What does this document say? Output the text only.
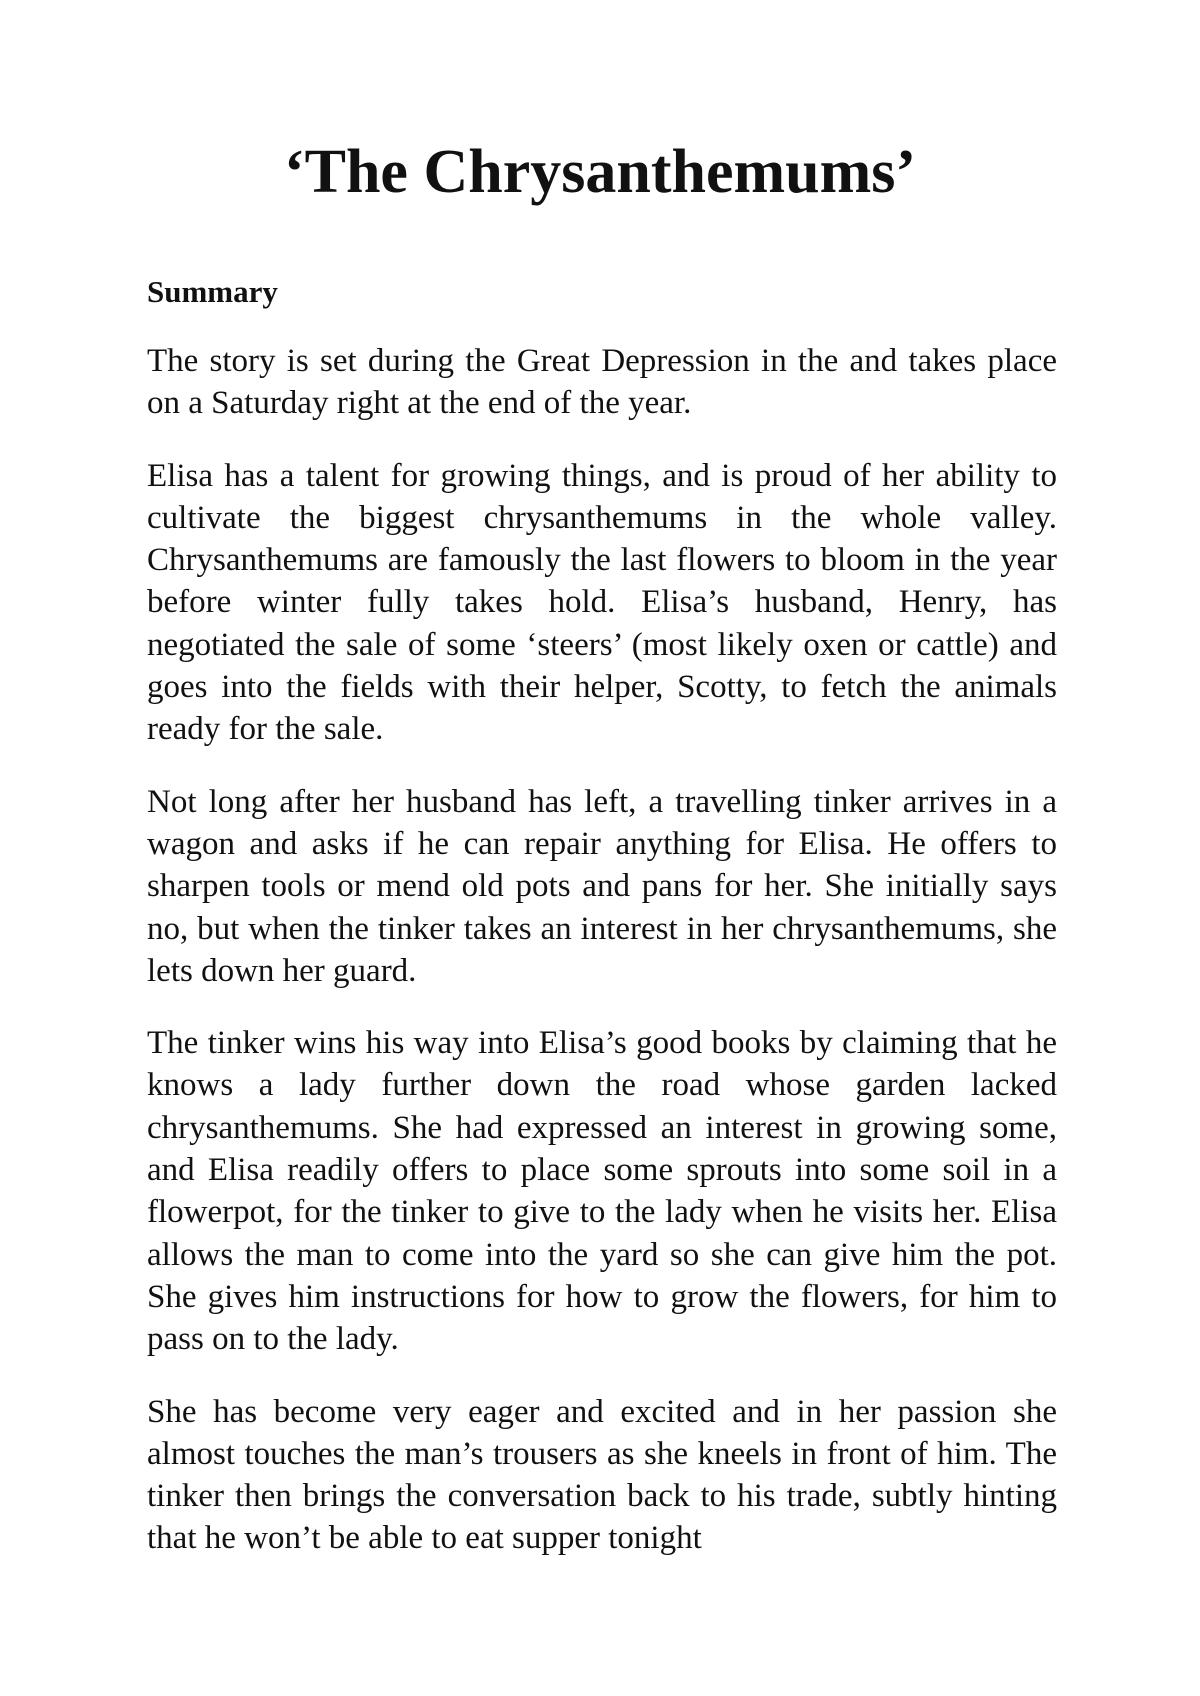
‘The Chrysanthemums’
Summary

The story is set during the Great Depression in the and takes place on a Saturday right at the end of the year.

Elisa has a talent for growing things, and is proud of her ability to cultivate the biggest chrysanthemums in the whole valley. Chrysanthemums are famously the last flowers to bloom in the year before winter fully takes hold. Elisa’s husband, Henry, has negotiated the sale of some ‘steers’ (most likely oxen or cattle) and goes into the fields with their helper, Scotty, to fetch the animals ready for the sale.

Not long after her husband has left, a travelling tinker arrives in a wagon and asks if he can repair anything for Elisa. He offers to sharpen tools or mend old pots and pans for her. She initially says no, but when the tinker takes an interest in her chrysanthemums, she lets down her guard.

The tinker wins his way into Elisa’s good books by claiming that he knows a lady further down the road whose garden lacked chrysanthemums. She had expressed an interest in growing some, and Elisa readily offers to place some sprouts into some soil in a flowerpot, for the tinker to give to the lady when he visits her. Elisa allows the man to come into the yard so she can give him the pot. She gives him instructions for how to grow the flowers, for him to pass on to the lady.

She has become very eager and excited and in her passion she almost touches the man’s trousers as she kneels in front of him. The tinker then brings the conversation back to his trade, subtly hinting that he won’t be able to eat supper tonight
